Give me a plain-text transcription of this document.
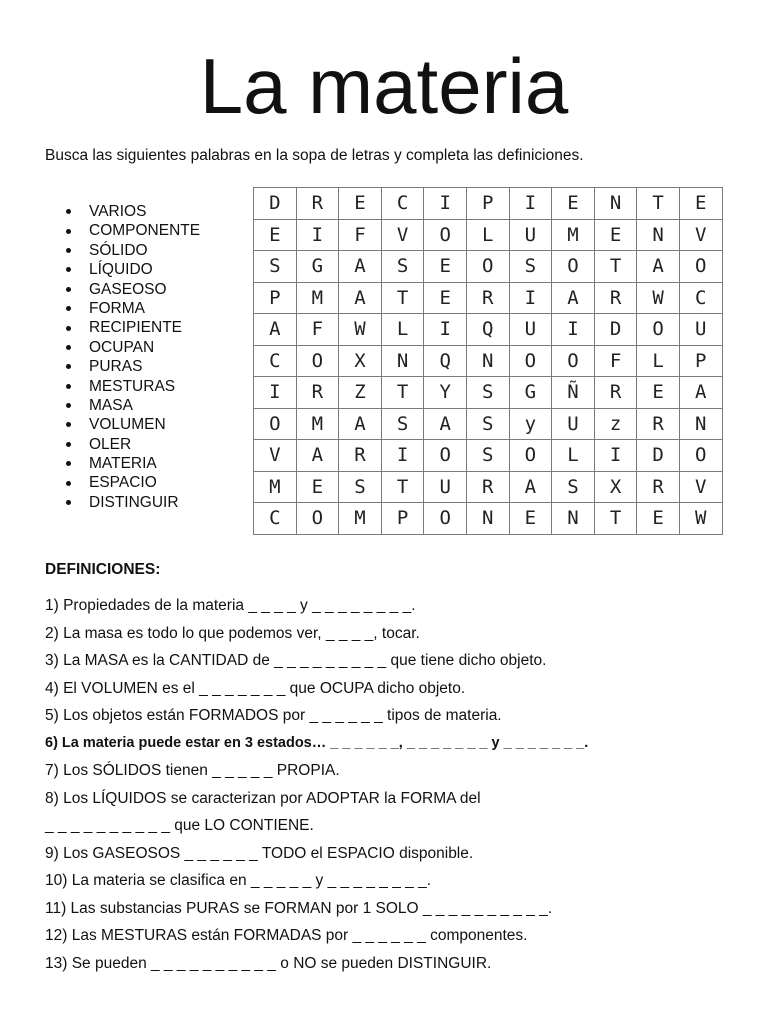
La materia
Busca las siguientes palabras en la sopa de letras y completa las definiciones.
VARIOS
COMPONENTE
SÓLIDO
LÍQUIDO
GASEOSO
FORMA
RECIPIENTE
OCUPAN
PURAS
MESTURAS
MASA
VOLUMEN
OLER
MATERIA
ESPACIO
DISTINGUIR
D	R	E	C	I	P	I	E	N	T	E
E	I	F	V	O	L	U	M	E	N	V
S	G	A	S	E	O	S	O	T	A	O
P	M	A	T	E	R	I	A	R	W	C
A	F	W	L	I	Q	U	I	D	O	U
C	O	X	N	Q	N	O	O	F	L	P
I	R	Z	T	Y	S	G	Ñ	R	E	A
O	M	A	S	A	S	y	U	z	R	N
V	A	R	I	O	S	O	L	I	D	O
M	E	S	T	U	R	A	S	X	R	V
C	O	M	P	O	N	E	N	T	E	W
DEFINICIONES:
1) Propiedades de la materia _ _ _ _ y _ _ _ _ _ _ _ _.
2) La masa es todo lo que podemos ver, _ _ _ _, tocar.
3) La MASA es la CANTIDAD de _ _ _ _ _ _ _ _ _ que tiene dicho objeto.
4) El VOLUMEN es el _ _ _ _ _ _ _ que OCUPA dicho objeto.
5) Los objetos están FORMADOS por _ _ _ _ _ _ tipos de materia.
6) La materia puede estar en 3 estados… _ _ _ _ _ _, _ _ _ _ _ _ _ y _ _ _ _ _ _ _.
7) Los SÓLIDOS tienen _ _ _ _ _ PROPIA.
8) Los LÍQUIDOS se caracterizan por ADOPTAR la FORMA del
_ _ _ _ _ _ _ _ _ _ que LO CONTIENE.
9) Los GASEOSOS _ _ _ _ _ _ TODO el ESPACIO disponible.
10) La materia se clasifica en _ _ _ _ _ y _ _ _ _ _ _ _ _.
11) Las substancias PURAS se FORMAN por 1 SOLO _ _ _ _ _ _ _ _ _ _.
12) Las MESTURAS están FORMADAS por _ _ _ _ _ _ componentes.
13) Se pueden _ _ _ _ _ _ _ _ _ _ o NO se pueden DISTINGUIR.
